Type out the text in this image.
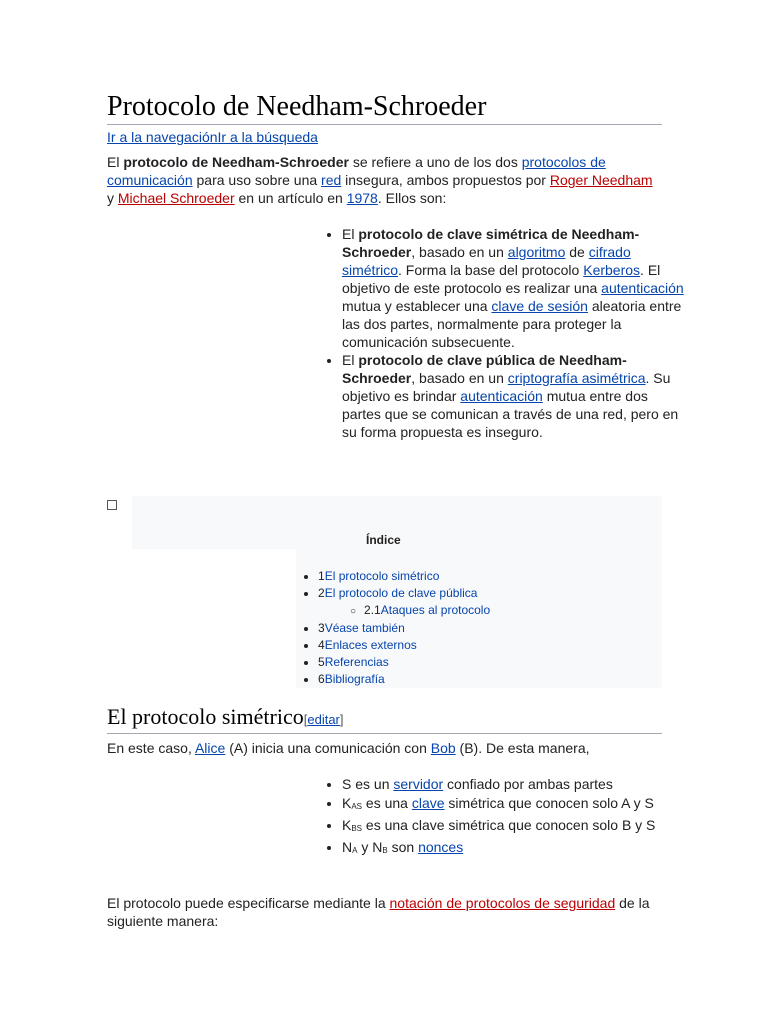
Protocolo de Needham-Schroeder
Ir a la navegaciónIr a la búsqueda

El protocolo de Needham-Schroeder se refiere a uno de los dos protocolos de comunicación para uso sobre una red insegura, ambos propuestos por Roger Needham y Michael Schroeder en un artículo en 1978. Ellos son:

• El protocolo de clave simétrica de Needham-Schroeder, basado en un algoritmo de cifrado simétrico. Forma la base del protocolo Kerberos. El objetivo de este protocolo es realizar una autenticación mutua y establecer una clave de sesión aleatoria entre las dos partes, normalmente para proteger la comunicación subsecuente.
• El protocolo de clave pública de Needham-Schroeder, basado en un criptografía asimétrica. Su objetivo es brindar autenticación mutua entre dos partes que se comunican a través de una red, pero en su forma propuesta es inseguro.
Índice
• 1El protocolo simétrico
• 2El protocolo de clave pública
○ 2.1Ataques al protocolo
• 3Véase también
• 4Enlaces externos
• 5Referencias
• 6Bibliografía
El protocolo simétrico[editar]

En este caso, Alice (A) inicia una comunicación con Bob (B). De esta manera,

• S es un servidor confiado por ambas partes
• $K_{AS}$ es una clave simétrica que conocen solo A y S
• $K_{BS}$ es una clave simétrica que conocen solo B y S
• $N_A$ y $N_B$ son nonces

El protocolo puede especificarse mediante la notación de protocolos de seguridad de la siguiente manera:
